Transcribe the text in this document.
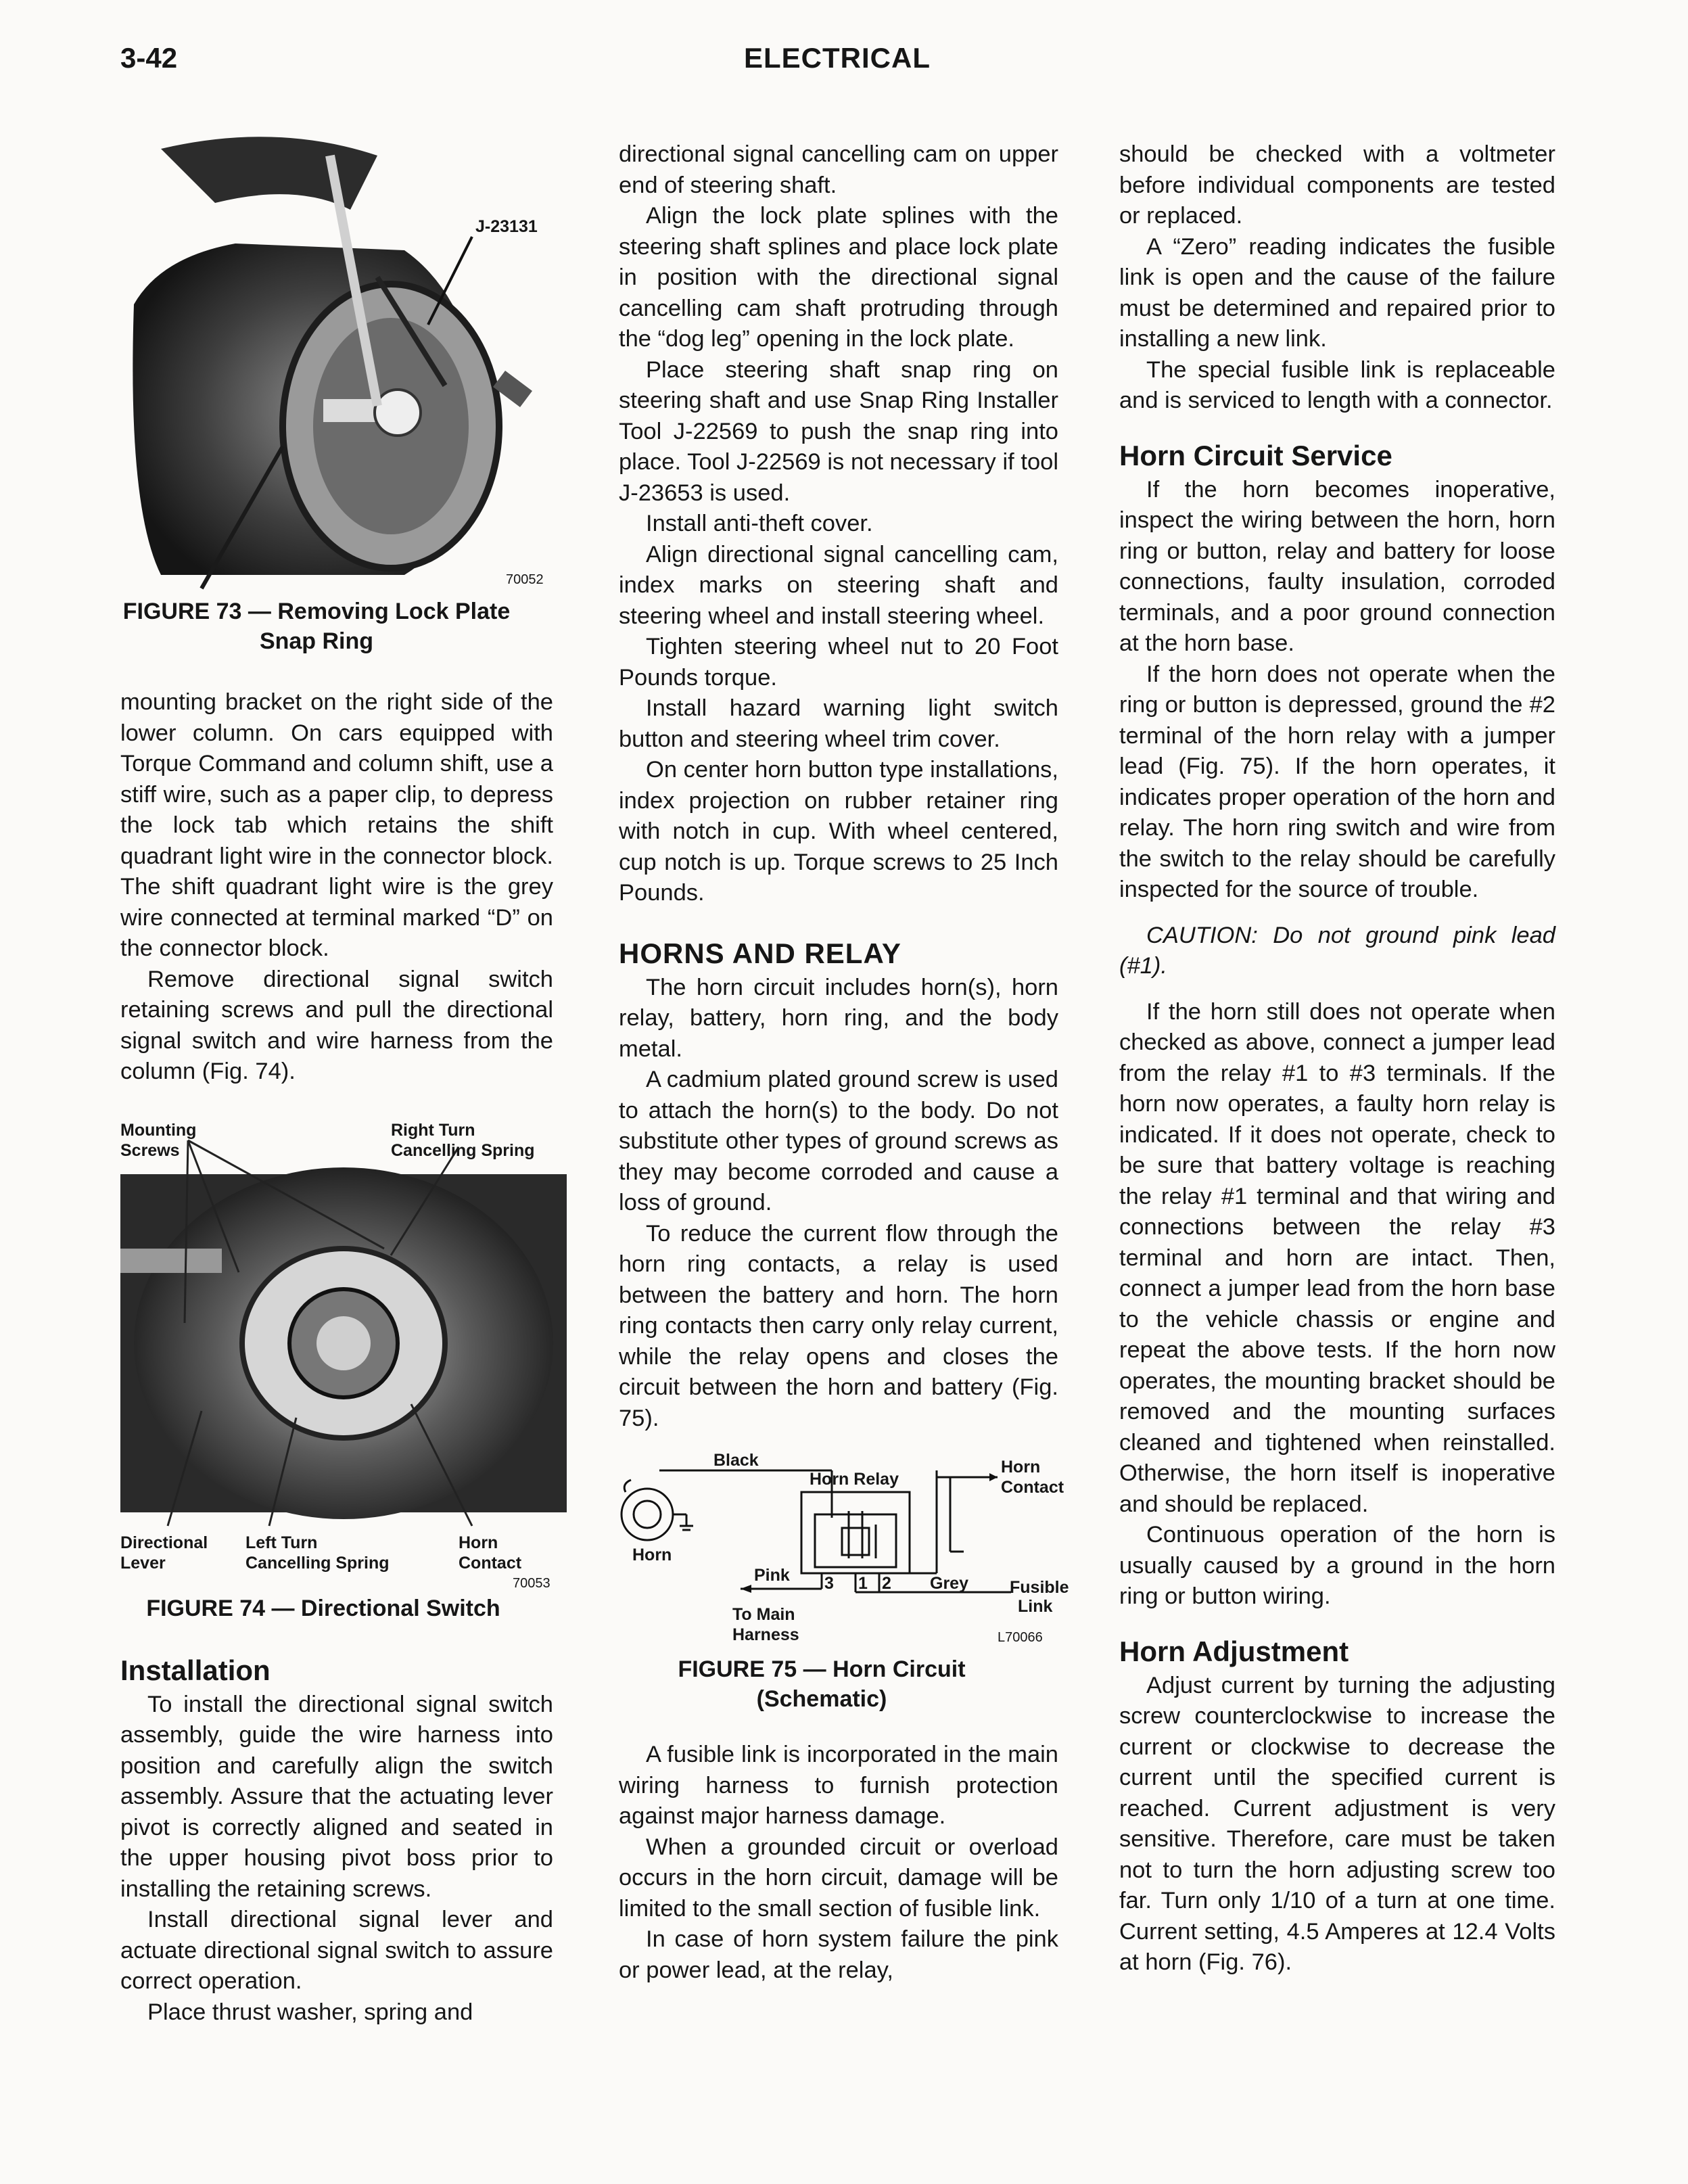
3-42	ELECTRICAL
J-23131
70052
FIGURE 73 — Removing Lock Plate
Snap Ring

mounting bracket on the right side of the lower column. On cars equipped with Torque Command and column shift, use a stiff wire, such as a paper clip, to depress the lock tab which retains the shift quadrant light wire in the connector block. The shift quadrant light wire is the grey wire connected at terminal marked “D” on the connector block.

Remove directional signal switch retaining screws and pull the directional signal switch and wire harness from the column (Fig. 74).

Mounting
Screws
Right Turn
Cancelling Spring
Directional
Lever
Left Turn
Cancelling Spring
Horn
Contact
70053
FIGURE 74 — Directional Switch
Installation

To install the directional signal switch assembly, guide the wire harness into position and carefully align the switch assembly. Assure that the actuating lever pivot is correctly aligned and seated in the upper housing pivot boss prior to installing the retaining screws.

Install directional signal lever and actuate directional signal switch to assure correct operation.

Place thrust washer, spring and

directional signal cancelling cam on upper end of steering shaft.

Align the lock plate splines with the steering shaft splines and place lock plate in position with the directional signal cancelling cam shaft protruding through the “dog leg” opening in the lock plate.

Place steering shaft snap ring on steering shaft and use Snap Ring Installer Tool J-22569 to push the snap ring into place. Tool J-22569 is not necessary if tool J-23653 is used.

Install anti-theft cover.

Align directional signal cancelling cam, index marks on steering shaft and steering wheel and install steering wheel.

Tighten steering wheel nut to 20 Foot Pounds torque.

Install hazard warning light switch button and steering wheel trim cover.

On center horn button type installations, index projection on rubber retainer ring with notch in cup. With wheel centered, cup notch is up. Torque screws to 25 Inch Pounds.

HORNS AND RELAY

The horn circuit includes horn(s), horn relay, battery, horn ring, and the body metal.

A cadmium plated ground screw is used to attach the horn(s) to the body. Do not substitute other types of ground screws as they may become corroded and cause a loss of ground.

To reduce the current flow through the horn ring contacts, a relay is used between the battery and horn. The horn ring contacts then carry only relay current, while the relay opens and closes the circuit between the horn and battery (Fig. 75).

Black
Horn Relay
Horn
Contact
Horn
Pink 3 1 2 Grey Fusible
Link
To Main
Harness	L70066
FIGURE 75 — Horn Circuit
(Schematic)

A fusible link is incorporated in the main wiring harness to furnish protection against major harness damage.

When a grounded circuit or overload occurs in the horn circuit, damage will be limited to the small section of fusible link.

In case of horn system failure the pink or power lead, at the relay,

should be checked with a voltmeter before individual components are tested or replaced.

A “Zero” reading indicates the fusible link is open and the cause of the failure must be determined and repaired prior to installing a new link.

The special fusible link is replaceable and is serviced to length with a connector.

Horn Circuit Service

If the horn becomes inoperative, inspect the wiring between the horn, horn ring or button, relay and battery for loose connections, faulty insulation, corroded terminals, and a poor ground connection at the horn base.

If the horn does not operate when the ring or button is depressed, ground the #2 terminal of the horn relay with a jumper lead (Fig. 75). If the horn operates, it indicates proper operation of the horn and relay. The horn ring switch and wire from the switch to the relay should be carefully inspected for the source of trouble.

CAUTION: Do not ground pink lead (#1).

If the horn still does not operate when checked as above, connect a jumper lead from the relay #1 to #3 terminals. If the horn now operates, a faulty horn relay is indicated. If it does not operate, check to be sure that battery voltage is reaching the relay #1 terminal and that wiring and connections between the relay #3 terminal and horn are intact. Then, connect a jumper lead from the horn base to the vehicle chassis or engine and repeat the above tests. If the horn now operates, the mounting bracket should be removed and the mounting surfaces cleaned and tightened when reinstalled. Otherwise, the horn itself is inoperative and should be replaced.

Continuous operation of the horn is usually caused by a ground in the horn ring or button wiring.

Horn Adjustment

Adjust current by turning the adjusting screw counterclockwise to increase the current or clockwise to decrease the current until the specified current is reached. Current adjustment is very sensitive. Therefore, care must be taken not to turn the horn adjusting screw too far. Turn only 1/10 of a turn at one time. Current setting, 4.5 Amperes at 12.4 Volts at horn (Fig. 76).
